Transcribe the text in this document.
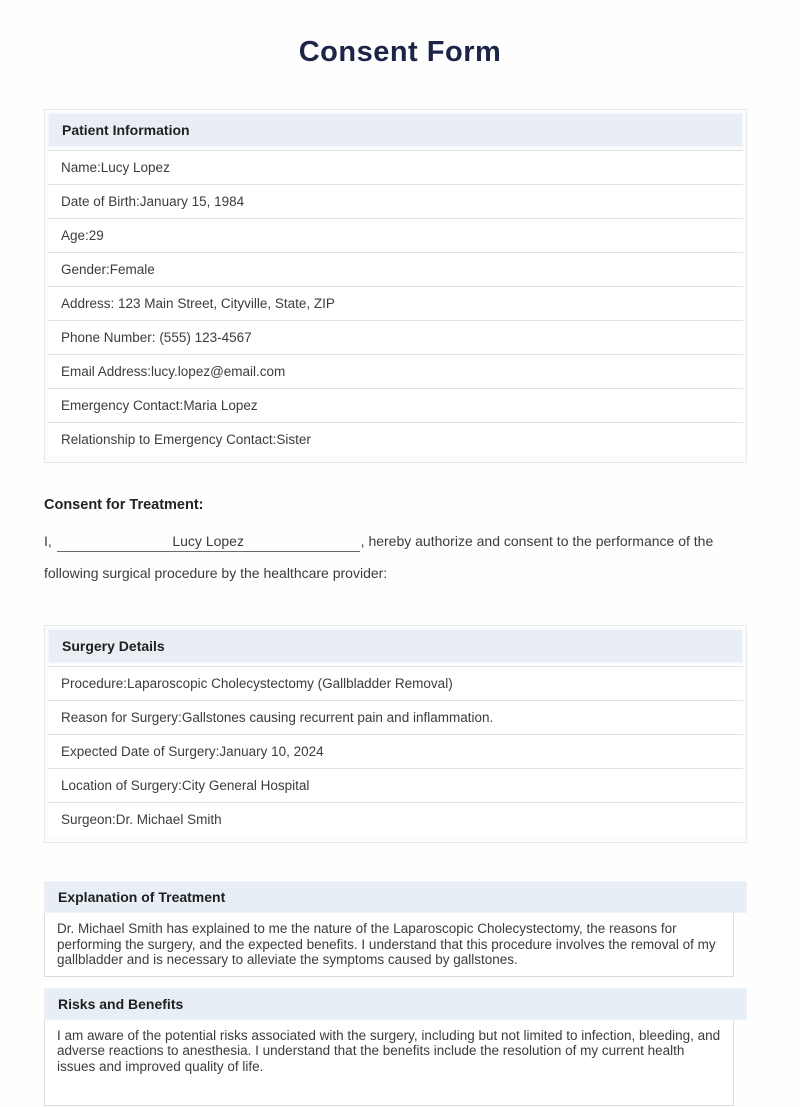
Consent Form
Patient Information
Name:Lucy Lopez
Date of Birth:January 15, 1984
Age:29
Gender:Female
Address: 123 Main Street, Cityville, State, ZIP
Phone Number: (555) 123-4567
Email Address:lucy.lopez@email.com
Emergency Contact:Maria Lopez
Relationship to Emergency Contact:Sister
Consent for Treatment:
I,	Lucy Lopez	, hereby authorize and consent to the performance of the following surgical procedure by the healthcare provider:
Surgery Details
Procedure:Laparoscopic Cholecystectomy (Gallbladder Removal)
Reason for Surgery:Gallstones causing recurrent pain and inflammation.
Expected Date of Surgery:January 10, 2024
Location of Surgery:City General Hospital
Surgeon:Dr. Michael Smith
Explanation of Treatment
Dr. Michael Smith has explained to me the nature of the Laparoscopic Cholecystectomy, the reasons for performing the surgery, and the expected benefits. I understand that this procedure involves the removal of my gallbladder and is necessary to alleviate the symptoms caused by gallstones.
Risks and Benefits
I am aware of the potential risks associated with the surgery, including but not limited to infection, bleeding, and adverse reactions to anesthesia. I understand that the benefits include the resolution of my current health issues and improved quality of life.
